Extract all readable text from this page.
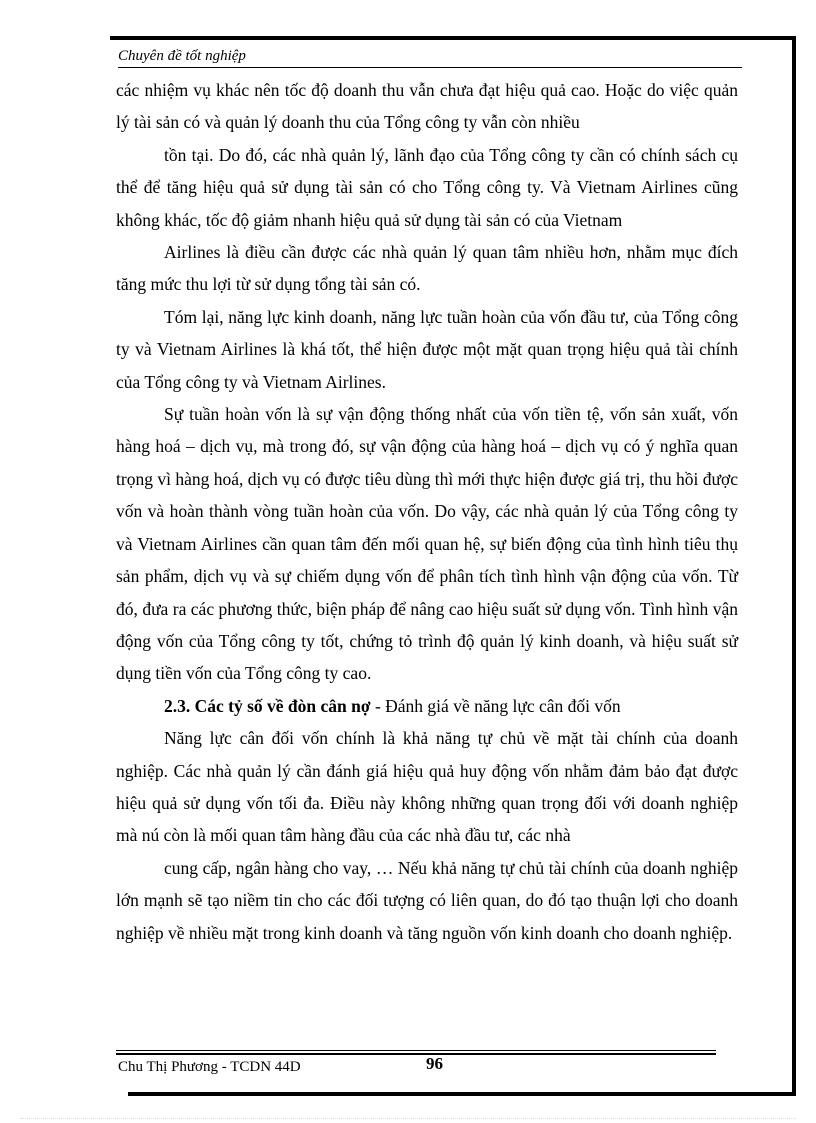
Chuyên đề tốt nghiệp

các nhiệm vụ khác nên tốc độ doanh thu vẫn chưa đạt hiệu quả cao. Hoặc do việc quản lý tài sản có và quản lý doanh thu của Tổng công ty vẫn còn nhiều

tồn tại. Do đó, các nhà quản lý, lãnh đạo của Tổng công ty cần có chính sách cụ thể để tăng hiệu quả sử dụng tài sản có cho Tổng công ty. Và Vietnam Airlines cũng không khác, tốc độ giảm nhanh hiệu quả sử dụng tài sản có của Vietnam

Airlines là điều cần được các nhà quản lý quan tâm nhiều hơn, nhằm mục đích tăng mức thu lợi từ sử dụng tổng tài sản có.

Tóm lại, năng lực kinh doanh, năng lực tuần hoàn của vốn đầu tư, của Tổng công ty và Vietnam Airlines là khá tốt, thể hiện được một mặt quan trọng hiệu quả tài chính của Tổng công ty và Vietnam Airlines.

Sự tuần hoàn vốn là sự vận động thống nhất của vốn tiền tệ, vốn sản xuất, vốn hàng hoá – dịch vụ, mà trong đó, sự vận động của hàng hoá – dịch vụ có ý nghĩa quan trọng vì hàng hoá, dịch vụ có được tiêu dùng thì mới thực hiện được giá trị, thu hồi được vốn và hoàn thành vòng tuần hoàn của vốn. Do vậy, các nhà quản lý của Tổng công ty và Vietnam Airlines cần quan tâm đến mối quan hệ, sự biến động của tình hình tiêu thụ sản phẩm, dịch vụ và sự chiếm dụng vốn để phân tích tình hình vận động của vốn. Từ đó, đưa ra các phương thức, biện pháp để nâng cao hiệu suất sử dụng vốn. Tình hình vận động vốn của Tổng công ty tốt, chứng tỏ trình độ quản lý kinh doanh, và hiệu suất sử dụng tiền vốn của Tổng công ty cao.

2.3. Các tỷ số về đòn cân nợ - Đánh giá về năng lực cân đối vốn

Năng lực cân đối vốn chính là khả năng tự chủ về mặt tài chính của doanh nghiệp. Các nhà quản lý cần đánh giá hiệu quả huy động vốn nhằm đảm bảo đạt được hiệu quả sử dụng vốn tối đa. Điều này không những quan trọng đối với doanh nghiệp mà nú còn là mối quan tâm hàng đầu của các nhà đầu tư, các nhà

cung cấp, ngân hàng cho vay, … Nếu khả năng tự chủ tài chính của doanh nghiệp lớn mạnh sẽ tạo niềm tin cho các đối tượng có liên quan, do đó tạo thuận lợi cho doanh nghiệp về nhiều mặt trong kinh doanh và tăng nguồn vốn kinh doanh cho doanh nghiệp.

Chu Thị Phương - TCDN 44D	96
